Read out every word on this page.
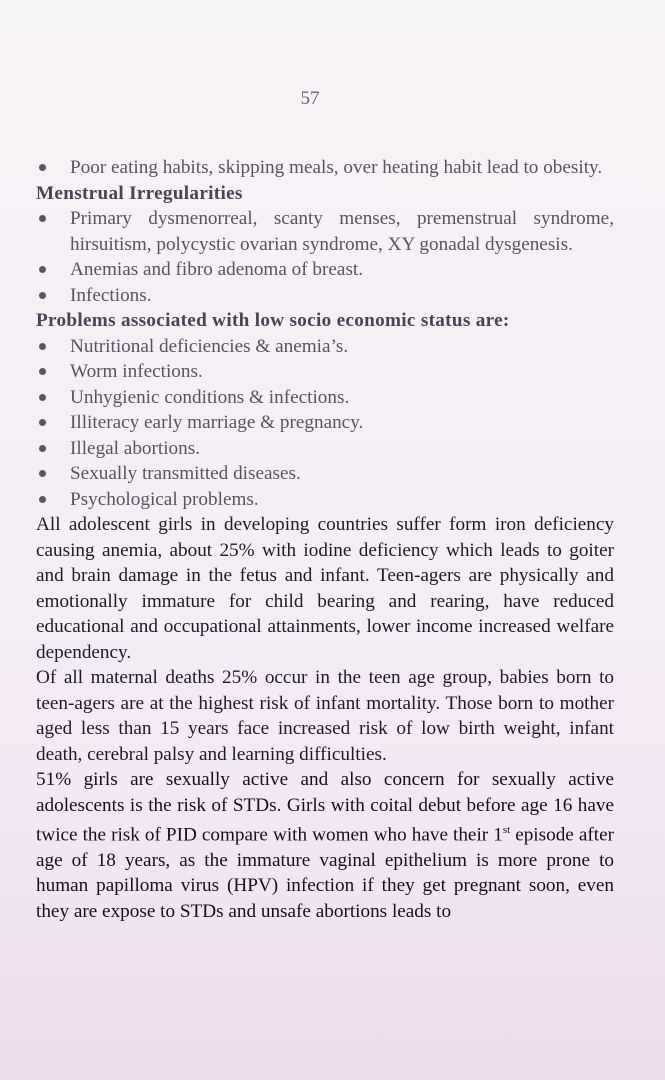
57
Poor eating habits, skipping meals, over heating habit lead to obesity.
Menstrual Irregularities
Primary dysmenorreal, scanty menses, premenstrual syndrome, hirsuitism, polycystic ovarian syndrome, XY gonadal dysgenesis.
Anemias and fibro adenoma of breast.
Infections.
Problems associated with low socio economic status are:
Nutritional deficiencies & anemia’s.
Worm infections.
Unhygienic conditions & infections.
Illiteracy early marriage & pregnancy.
Illegal abortions.
Sexually transmitted diseases.
Psychological problems.
All adolescent girls in developing countries suffer form iron deficiency causing anemia, about 25% with iodine deficiency which leads to goiter and brain damage in the fetus and infant. Teen-agers are physically and emotionally immature for child bearing and rearing, have reduced educational and occupational attainments, lower income increased welfare dependency.
Of all maternal deaths 25% occur in the teen age group, babies born to teen-agers are at the highest risk of infant mortality. Those born to mother aged less than 15 years face increased risk of low birth weight, infant death, cerebral palsy and learning difficulties.
51% girls are sexually active and also concern for sexually active adolescents is the risk of STDs. Girls with coital debut before age 16 have twice the risk of PID compare with women who have their 1st episode after age of 18 years, as the immature vaginal epithelium is more prone to human papilloma virus (HPV) infection if they get pregnant soon, even they are expose to STDs and unsafe abortions leads to
